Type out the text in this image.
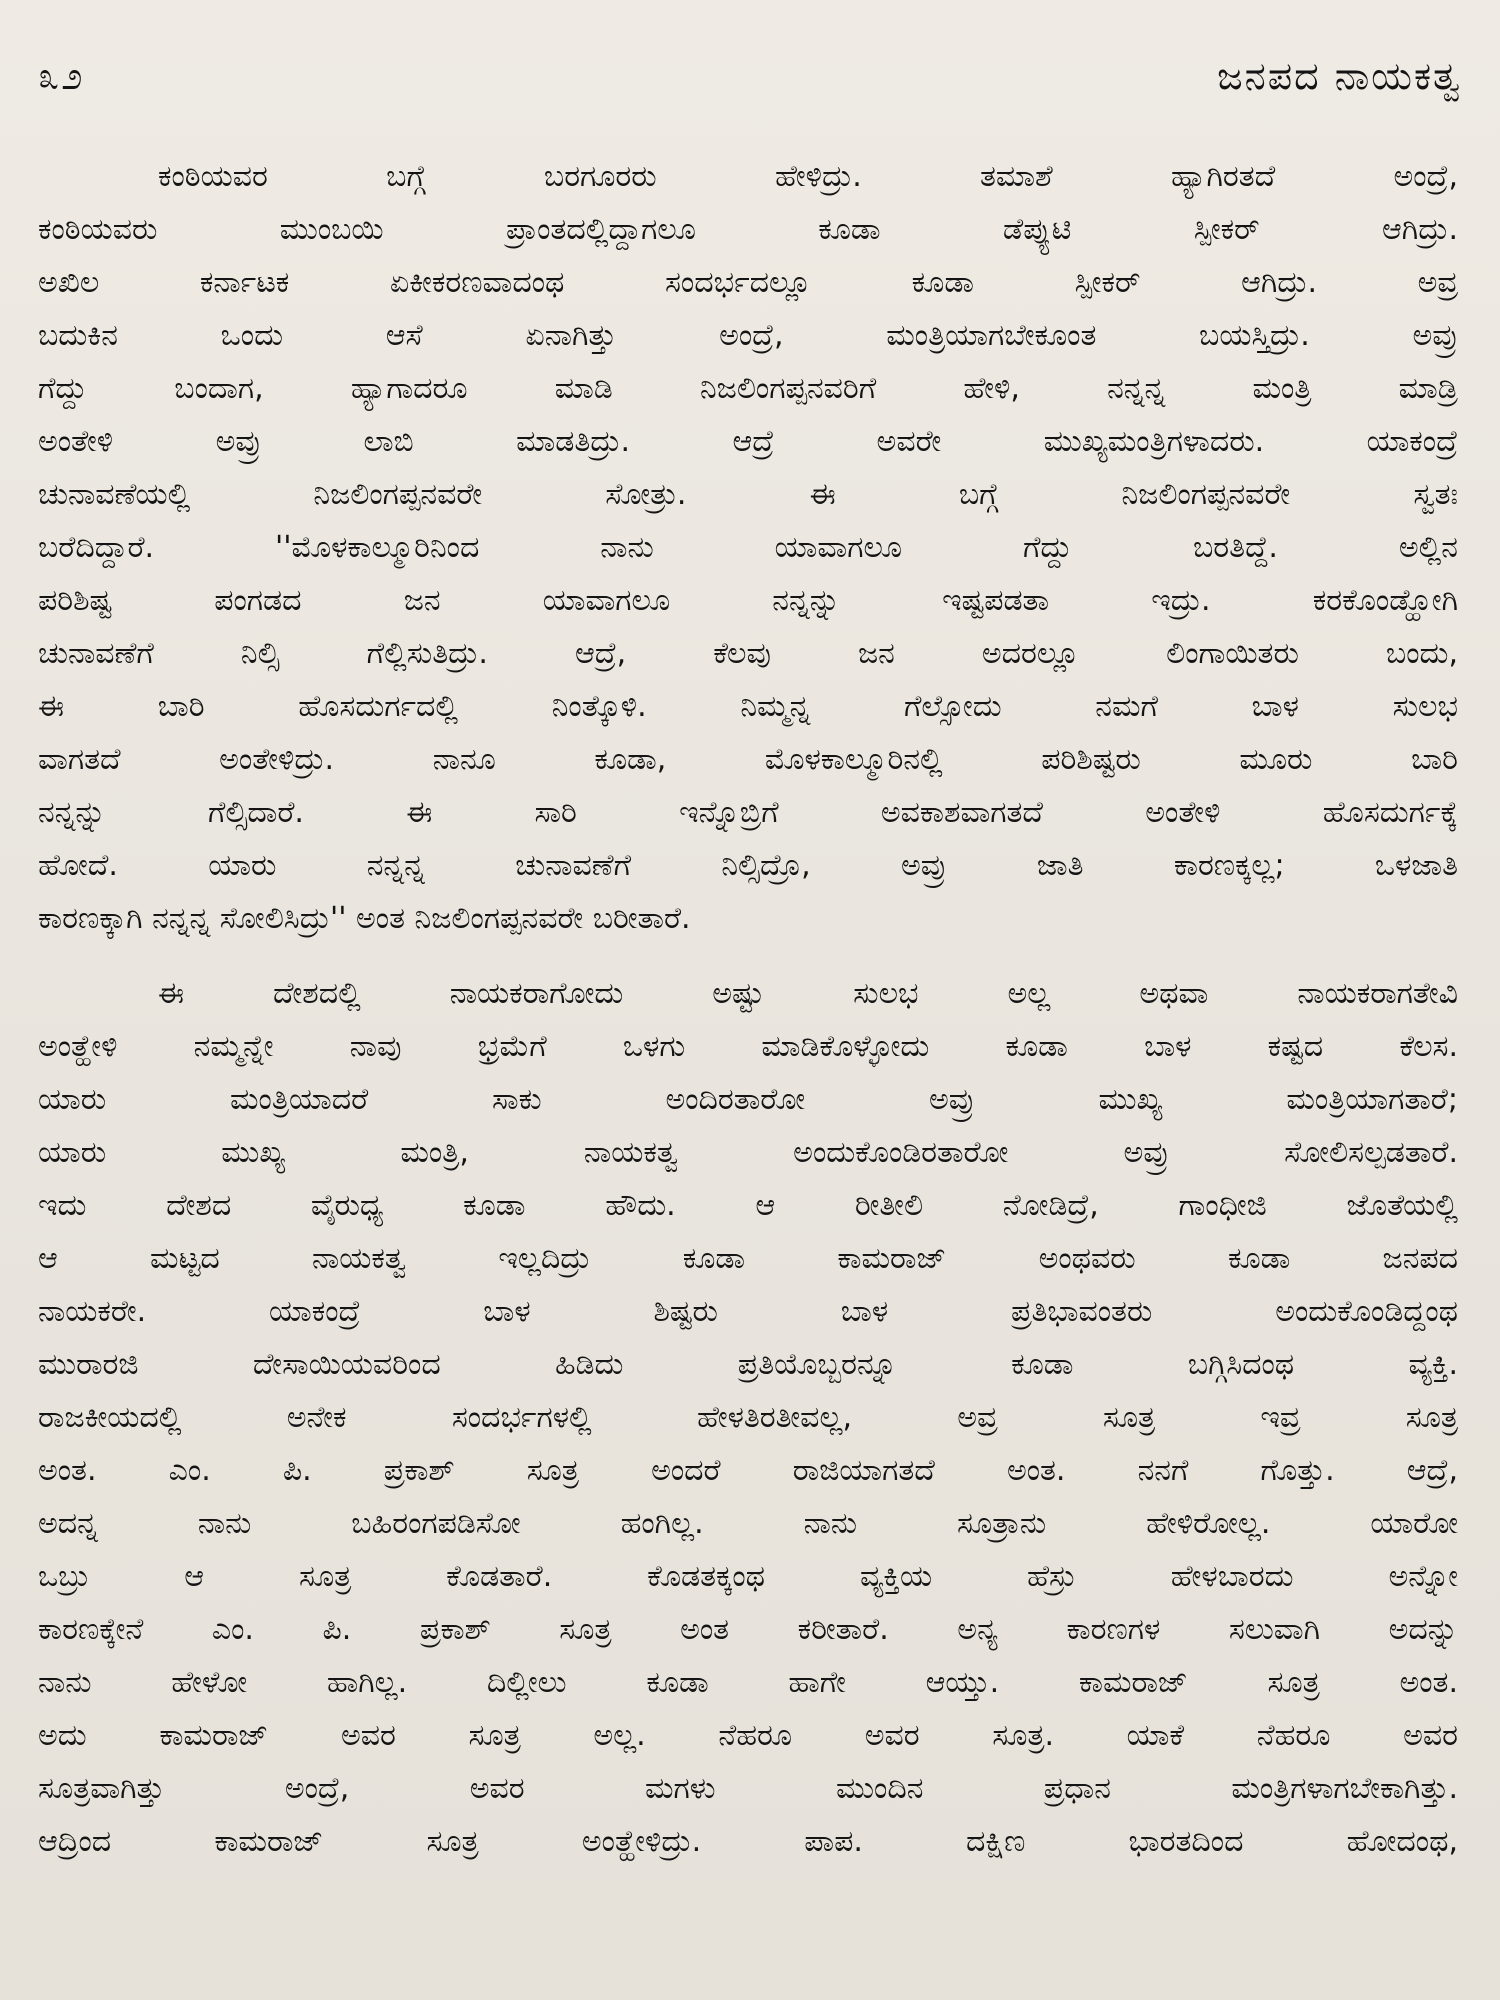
೩೨	ಜನಪದ ನಾಯಕತ್ವ
ಕಂಠಿಯವರ ಬಗ್ಗೆ ಬರಗೂರರು ಹೇಳಿದ್ರು. ತಮಾಶೆ ಹ್ಯಾಗಿರತದೆ ಅಂದ್ರೆ,
ಕಂಠಿಯವರು ಮುಂಬಯಿ ಪ್ರಾಂತದಲ್ಲಿದ್ದಾಗಲೂ ಕೂಡಾ ಡೆಪ್ಯುಟಿ ಸ್ಪೀಕರ್ ಆಗಿದ್ರು.
ಅಖಿಲ ಕರ್ನಾಟಕ ಏಕೀಕರಣವಾದಂಥ ಸಂದರ್ಭದಲ್ಲೂ ಕೂಡಾ ಸ್ಪೀಕರ್ ಆಗಿದ್ರು. ಅವ್ರ
ಬದುಕಿನ ಒಂದು ಆಸೆ ಏನಾಗಿತ್ತು ಅಂದ್ರೆ, ಮಂತ್ರಿಯಾಗಬೇಕೂಂತ ಬಯಸ್ತಿದ್ರು. ಅವ್ರು
ಗೆದ್ದು ಬಂದಾಗ, ಹ್ಯಾಗಾದರೂ ಮಾಡಿ ನಿಜಲಿಂಗಪ್ಪನವರಿಗೆ ಹೇಳಿ, ನನ್ನನ್ನ ಮಂತ್ರಿ ಮಾಡ್ರಿ
ಅಂತೇಳಿ ಅವ್ರು ಲಾಬಿ ಮಾಡತಿದ್ರು. ಆದ್ರೆ ಅವರೇ ಮುಖ್ಯಮಂತ್ರಿಗಳಾದರು. ಯಾಕಂದ್ರೆ
ಚುನಾವಣೆಯಲ್ಲಿ ನಿಜಲಿಂಗಪ್ಪನವರೇ ಸೋತ್ರು. ಈ ಬಗ್ಗೆ ನಿಜಲಿಂಗಪ್ಪನವರೇ ಸ್ವತಃ
ಬರೆದಿದ್ದಾರೆ. ''ಮೊಳಕಾಲ್ಮೂರಿನಿಂದ ನಾನು ಯಾವಾಗಲೂ ಗೆದ್ದು ಬರತಿದ್ದೆ. ಅಲ್ಲಿನ
ಪರಿಶಿಷ್ಟ ಪಂಗಡದ ಜನ ಯಾವಾಗಲೂ ನನ್ನನ್ನು ಇಷ್ಟಪಡತಾ ಇದ್ರು. ಕರಕೊಂಡ್ಹೋಗಿ
ಚುನಾವಣೆಗೆ ನಿಲ್ಸಿ ಗೆಲ್ಲಿಸುತಿದ್ರು. ಆದ್ರೆ, ಕೆಲವು ಜನ ಅದರಲ್ಲೂ ಲಿಂಗಾಯಿತರು ಬಂದು,
ಈ ಬಾರಿ ಹೊಸದುರ್ಗದಲ್ಲಿ ನಿಂತ್ಕೊಳಿ. ನಿಮ್ಮನ್ನ ಗೆಲ್ಸೋದು ನಮಗೆ ಬಾಳ ಸುಲಭ
ವಾಗತದೆ ಅಂತೇಳಿದ್ರು. ನಾನೂ ಕೂಡಾ, ಮೊಳಕಾಲ್ಮೂರಿನಲ್ಲಿ ಪರಿಶಿಷ್ಟರು ಮೂರು ಬಾರಿ
ನನ್ನನ್ನು ಗೆಲ್ಸಿದಾರೆ. ಈ ಸಾರಿ ಇನ್ನೊಬ್ರಿಗೆ ಅವಕಾಶವಾಗತದೆ ಅಂತೇಳಿ ಹೊಸದುರ್ಗಕ್ಕೆ
ಹೋದೆ. ಯಾರು ನನ್ನನ್ನ ಚುನಾವಣೆಗೆ ನಿಲ್ಸಿದ್ರೊ, ಅವ್ರು ಜಾತಿ ಕಾರಣಕ್ಕಲ್ಲ; ಒಳಜಾತಿ
ಕಾರಣಕ್ಕಾಗಿ ನನ್ನನ್ನ ಸೋಲಿಸಿದ್ರು'' ಅಂತ ನಿಜಲಿಂಗಪ್ಪನವರೇ ಬರೀತಾರೆ.
ಈ ದೇಶದಲ್ಲಿ ನಾಯಕರಾಗೋದು ಅಷ್ಟು ಸುಲಭ ಅಲ್ಲ ಅಥವಾ ನಾಯಕರಾಗತೇವಿ
ಅಂತ್ಹೇಳಿ ನಮ್ಮನ್ನೇ ನಾವು ಭ್ರಮೆಗೆ ಒಳಗು ಮಾಡಿಕೊಳ್ಳೋದು ಕೂಡಾ ಬಾಳ ಕಷ್ಟದ ಕೆಲಸ.
ಯಾರು ಮಂತ್ರಿಯಾದರೆ ಸಾಕು ಅಂದಿರತಾರೋ ಅವ್ರು ಮುಖ್ಯ ಮಂತ್ರಿಯಾಗತಾರೆ;
ಯಾರು ಮುಖ್ಯ ಮಂತ್ರಿ, ನಾಯಕತ್ವ ಅಂದುಕೊಂಡಿರತಾರೋ ಅವ್ರು ಸೋಲಿಸಲ್ಪಡತಾರೆ.
ಇದು ದೇಶದ ವೈರುಧ್ಯ ಕೂಡಾ ಹೌದು. ಆ ರೀತೀಲಿ ನೋಡಿದ್ರೆ, ಗಾಂಧೀಜಿ ಜೊತೆಯಲ್ಲಿ
ಆ ಮಟ್ಟದ ನಾಯಕತ್ವ ಇಲ್ಲದಿದ್ರು ಕೂಡಾ ಕಾಮರಾಜ್ ಅಂಥವರು ಕೂಡಾ ಜನಪದ
ನಾಯಕರೇ. ಯಾಕಂದ್ರೆ ಬಾಳ ಶಿಷ್ಟರು ಬಾಳ ಪ್ರತಿಭಾವಂತರು ಅಂದುಕೊಂಡಿದ್ದಂಥ
ಮುರಾರಜಿ ದೇಸಾಯಿಯವರಿಂದ ಹಿಡಿದು ಪ್ರತಿಯೊಬ್ಬರನ್ನೂ ಕೂಡಾ ಬಗ್ಗಿಸಿದಂಥ ವ್ಯಕ್ತಿ.
ರಾಜಕೀಯದಲ್ಲಿ ಅನೇಕ ಸಂದರ್ಭಗಳಲ್ಲಿ ಹೇಳತಿರತೀವಲ್ಲ, ಅವ್ರ ಸೂತ್ರ ಇವ್ರ ಸೂತ್ರ
ಅಂತ. ಎಂ. ಪಿ. ಪ್ರಕಾಶ್ ಸೂತ್ರ ಅಂದರೆ ರಾಜಿಯಾಗತದೆ ಅಂತ. ನನಗೆ ಗೊತ್ತು. ಆದ್ರೆ,
ಅದನ್ನ ನಾನು ಬಹಿರಂಗಪಡಿಸೋ ಹಂಗಿಲ್ಲ. ನಾನು ಸೂತ್ರಾನು ಹೇಳಿರೋಲ್ಲ. ಯಾರೋ
ಒಬ್ರು ಆ ಸೂತ್ರ ಕೊಡತಾರೆ. ಕೊಡತಕ್ಕಂಥ ವ್ಯಕ್ತಿಯ ಹೆಸ್ರು ಹೇಳಬಾರದು ಅನ್ನೋ
ಕಾರಣಕ್ಕೇನೆ ಎಂ. ಪಿ. ಪ್ರಕಾಶ್ ಸೂತ್ರ ಅಂತ ಕರೀತಾರೆ. ಅನ್ಯ ಕಾರಣಗಳ ಸಲುವಾಗಿ ಅದನ್ನು
ನಾನು ಹೇಳೋ ಹಾಗಿಲ್ಲ. ದಿಲ್ಲೀಲು ಕೂಡಾ ಹಾಗೇ ಆಯ್ತು. ಕಾಮರಾಜ್ ಸೂತ್ರ ಅಂತ.
ಅದು ಕಾಮರಾಜ್ ಅವರ ಸೂತ್ರ ಅಲ್ಲ. ನೆಹರೂ ಅವರ ಸೂತ್ರ. ಯಾಕೆ ನೆಹರೂ ಅವರ
ಸೂತ್ರವಾಗಿತ್ತು ಅಂದ್ರೆ, ಅವರ ಮಗಳು ಮುಂದಿನ ಪ್ರಧಾನ ಮಂತ್ರಿಗಳಾಗಬೇಕಾಗಿತ್ತು.
ಆದ್ರಿಂದ ಕಾಮರಾಜ್ ಸೂತ್ರ ಅಂತ್ಹೇಳಿದ್ರು. ಪಾಪ. ದಕ್ಷಿಣ ಭಾರತದಿಂದ ಹೋದಂಥ,
